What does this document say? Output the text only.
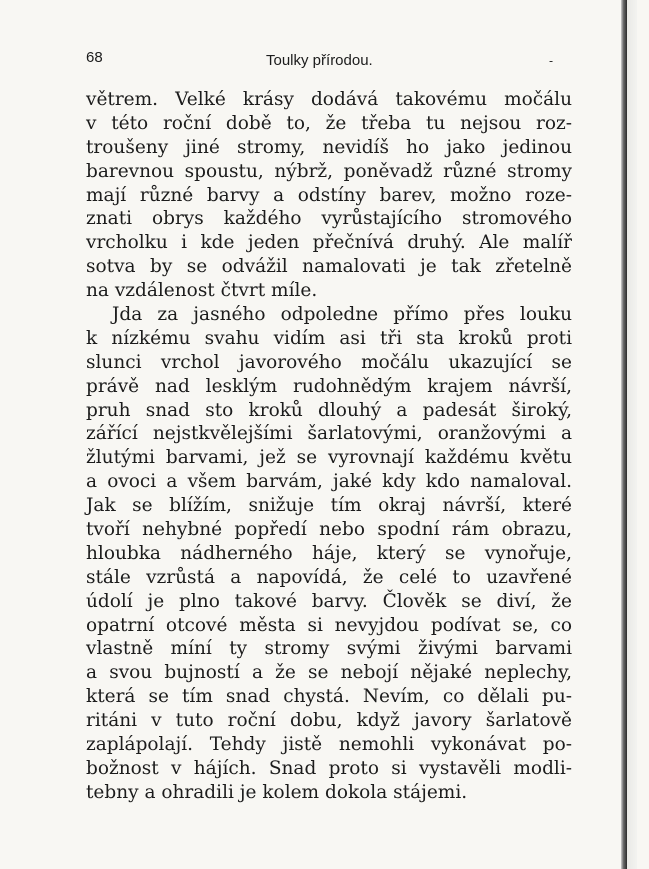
68	Toulky přírodou.	-
větrem. Velké krásy dodává takovému močálu
v této roční době to, že třeba tu nejsou roz-
troušeny jiné stromy, nevidíš ho jako jedinou
barevnou spoustu, nýbrž, poněvadž různé stromy
mají různé barvy a odstíny barev, možno roze-
znati obrys každého vyrůstajícího stromového
vrcholku i kde jeden přečnívá druhý. Ale malíř
sotva by se odvážil namalovati je tak zřetelně
na vzdálenost čtvrt míle.
Jda za jasného odpoledne přímo přes louku
k nízkému svahu vidím asi tři sta kroků proti
slunci vrchol javorového močálu ukazující se
právě nad lesklým rudohnědým krajem návrší,
pruh snad sto kroků dlouhý a padesát široký,
zářící nejstkvělejšími šarlatovými, oranžovými a
žlutými barvami, jež se vyrovnají každému květu
a ovoci a všem barvám, jaké kdy kdo namaloval.
Jak se blížím, snižuje tím okraj návrší, které
tvoří nehybné popředí nebo spodní rám obrazu,
hloubka nádherného háje, který se vynořuje,
stále vzrůstá a napovídá, že celé to uzavřené
údolí je plno takové barvy. Člověk se diví, že
opatrní otcové města si nevyjdou podívat se, co
vlastně míní ty stromy svými živými barvami
a svou bujností a že se nebojí nějaké neplechy,
která se tím snad chystá. Nevím, co dělali pu-
ritáni v tuto roční dobu, když javory šarlatově
zaplápolají. Tehdy jistě nemohli vykonávat po-
božnost v hájích. Snad proto si vystavěli modli-
tebny a ohradili je kolem dokola stájemi.
